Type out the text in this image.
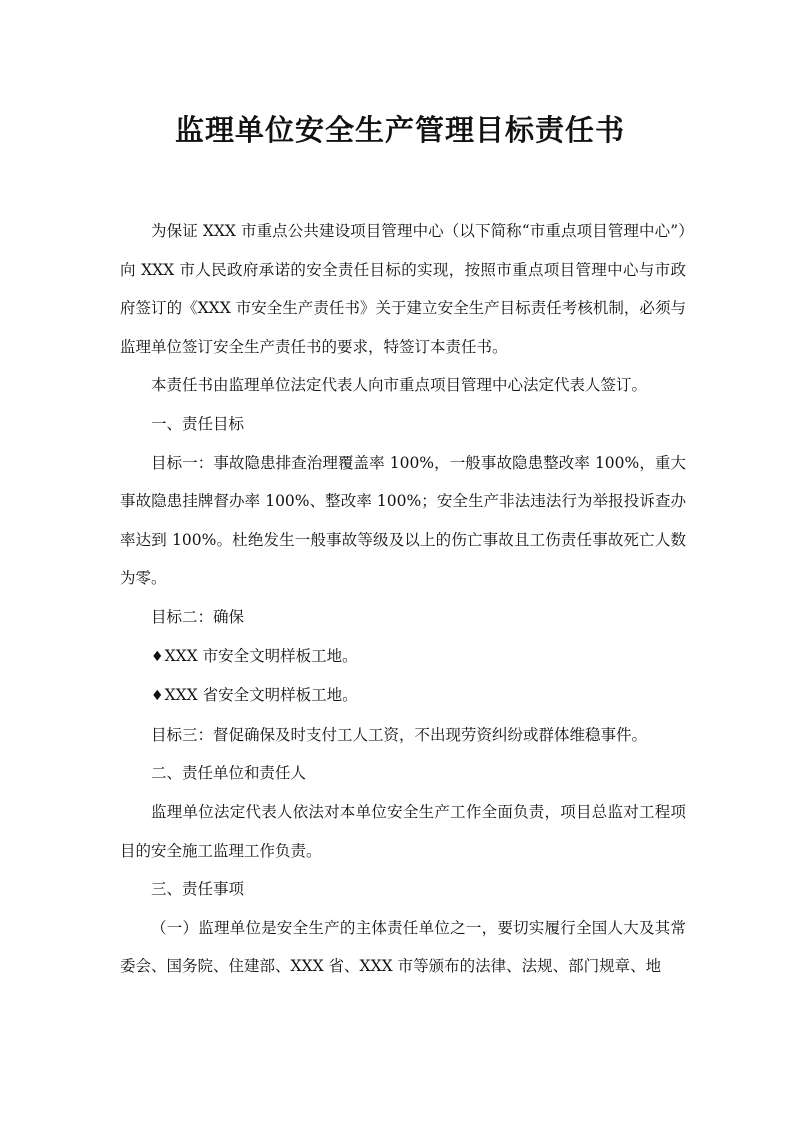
监理单位安全生产管理目标责任书

为保证 XXX 市重点公共建设项目管理中心（以下简称“市重点项目管理中心”）向 XXX 市人民政府承诺的安全责任目标的实现，按照市重点项目管理中心与市政府签订的《XXX 市安全生产责任书》关于建立安全生产目标责任考核机制，必须与监理单位签订安全生产责任书的要求，特签订本责任书。

本责任书由监理单位法定代表人向市重点项目管理中心法定代表人签订。

一、责任目标

目标一：事故隐患排查治理覆盖率 100%，一般事故隐患整改率 100%，重大事故隐患挂牌督办率 100%、整改率 100%；安全生产非法违法行为举报投诉查办率达到 100%。杜绝发生一般事故等级及以上的伤亡事故且工伤责任事故死亡人数为零。

目标二：确保

♦XXX 市安全文明样板工地。

♦XXX 省安全文明样板工地。

目标三：督促确保及时支付工人工资，不出现劳资纠纷或群体维稳事件。

二、责任单位和责任人

监理单位法定代表人依法对本单位安全生产工作全面负责，项目总监对工程项目的安全施工监理工作负责。

三、责任事项

（一）监理单位是安全生产的主体责任单位之一，要切实履行全国人大及其常委会、国务院、住建部、XXX 省、XXX 市等颁布的法律、法规、部门规章、地
